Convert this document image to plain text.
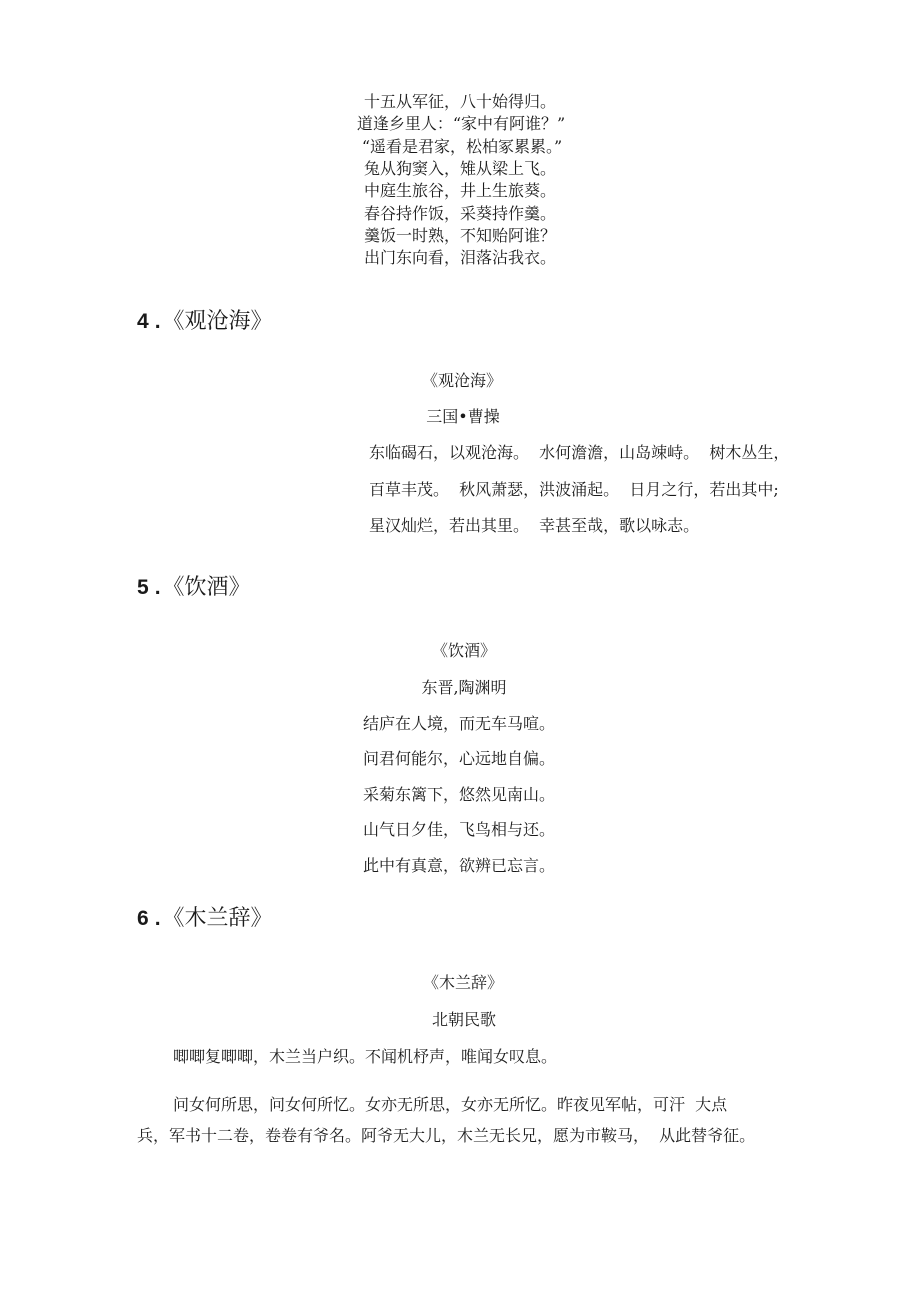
十五从军征，八十始得归。
道逢乡里人：“家中有阿谁？”
“遥看是君家，松柏冢累累。”
兔从狗窦入，雉从梁上飞。
中庭生旅谷，井上生旅葵。
春谷持作饭，采葵持作羹。
羹饭一时熟，不知贻阿谁？
出门东向看，泪落沾我衣。
4 .《观沧海》
《观沧海》
三国•曹操
东临碣石，以观沧海。  水何澹澹，山岛竦峙。  树木丛生，
百草丰茂。  秋风萧瑟，洪波涌起。  日月之行，若出其中;
星汉灿烂，若出其里。  幸甚至哉，歌以咏志。
5 .《饮酒》
《饮酒》
东晋,陶渊明
结庐在人境，而无车马喧。
问君何能尔，心远地自偏。
采菊东篱下，悠然见南山。
山气日夕佳，飞鸟相与还。
此中有真意，欲辨已忘言。
6 .《木兰辞》
《木兰辞》
北朝民歌
唧唧复唧唧，木兰当户织。不闻机杼声，唯闻女叹息。
问女何所思，问女何所忆。女亦无所思，女亦无所忆。昨夜见军帖，可汗  大点
兵，军书十二卷，卷卷有爷名。阿爷无大儿，木兰无长兄，愿为市鞍马，  从此替爷征。
